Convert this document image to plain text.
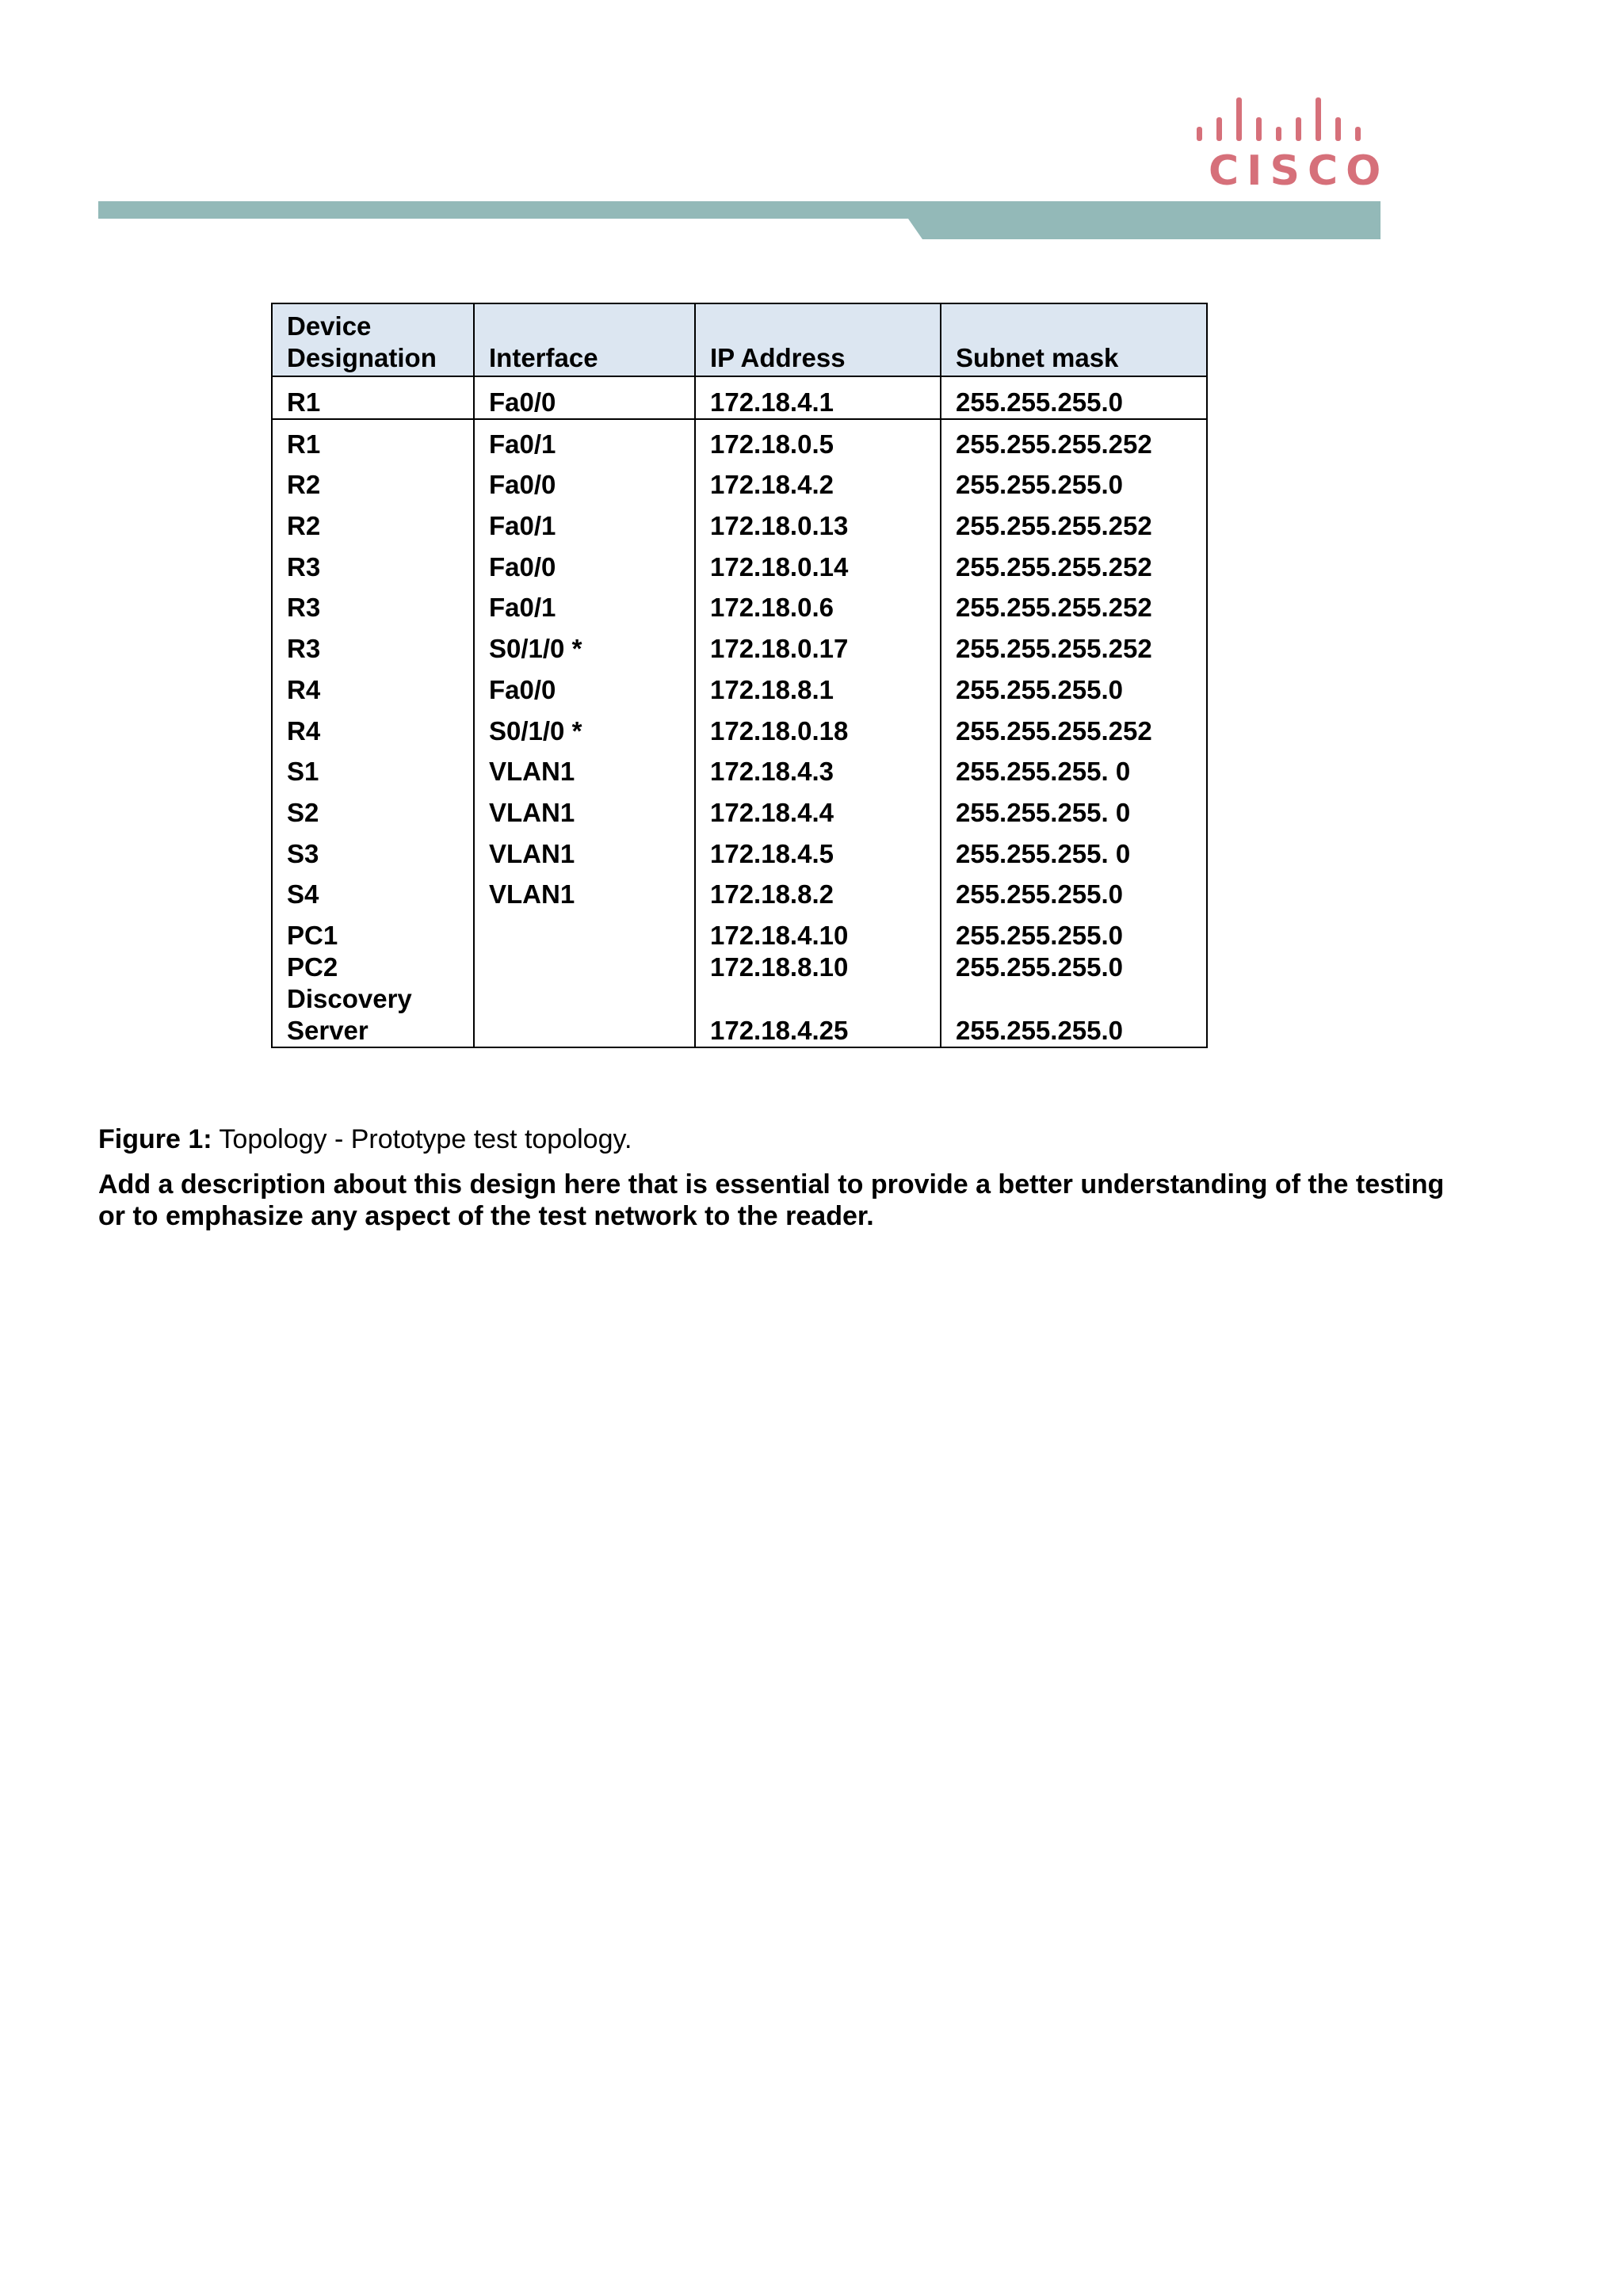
CISCO
Device Designation	Interface	IP Address	Subnet mask
R1	Fa0/0	172.18.4.1	255.255.255.0
R1	Fa0/1	172.18.0.5	255.255.255.252
R2	Fa0/0	172.18.4.2	255.255.255.0
R2	Fa0/1	172.18.0.13	255.255.255.252
R3	Fa0/0	172.18.0.14	255.255.255.252
R3	Fa0/1	172.18.0.6	255.255.255.252
R3	S0/1/0 *	172.18.0.17	255.255.255.252
R4	Fa0/0	172.18.8.1	255.255.255.0
R4	S0/1/0 *	172.18.0.18	255.255.255.252
S1	VLAN1	172.18.4.3	255.255.255. 0
S2	VLAN1	172.18.4.4	255.255.255. 0
S3	VLAN1	172.18.4.5	255.255.255. 0
S4	VLAN1	172.18.8.2	255.255.255.0
PC1		172.18.4.10	255.255.255.0
PC2		172.18.8.10	255.255.255.0
Discovery Server		172.18.4.25	255.255.255.0
Figure 1: Topology - Prototype test topology.
Add a description about this design here that is essential to provide a better understanding of the testing or to emphasize any aspect of the test network to the reader.
